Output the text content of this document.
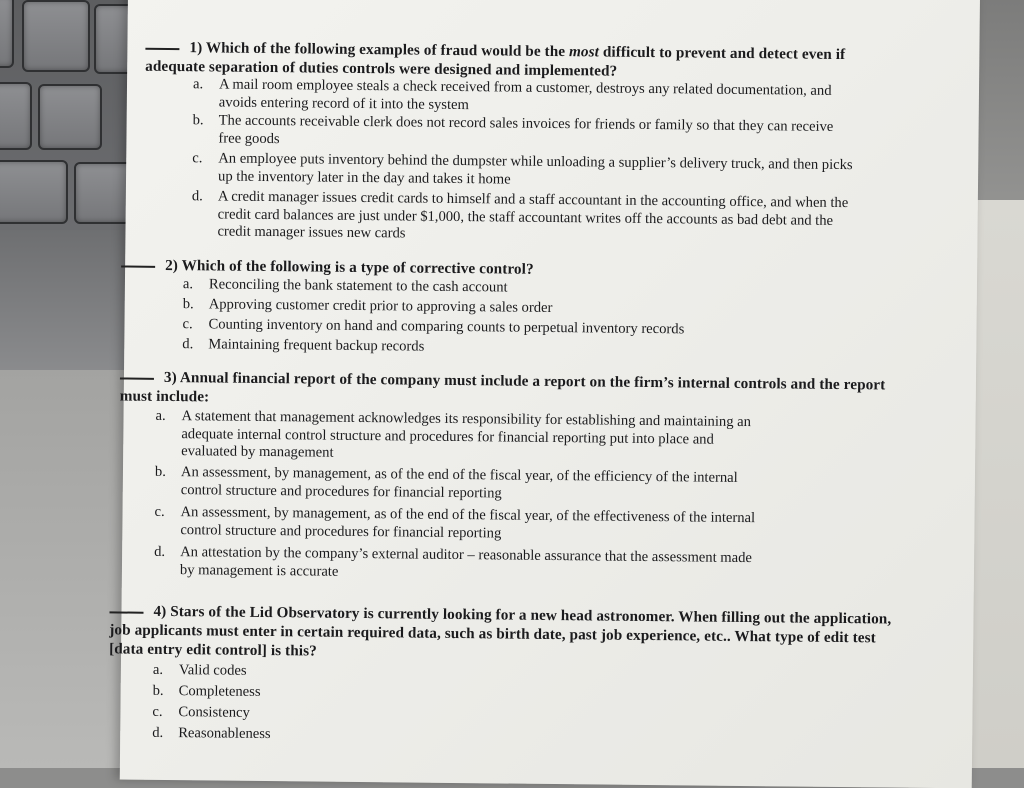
1) Which of the following examples of fraud would be the most difficult to prevent and detect even if adequate separation of duties controls were designed and implemented?
a.	A mail room employee steals a check received from a customer, destroys any related documentation, and avoids entering record of it into the system
b.	The accounts receivable clerk does not record sales invoices for friends or family so that they can receive free goods
c.	An employee puts inventory behind the dumpster while unloading a supplier’s delivery truck, and then picks up the inventory later in the day and takes it home
d.	A credit manager issues credit cards to himself and a staff accountant in the accounting office, and when the credit card balances are just under $1,000, the staff accountant writes off the accounts as bad debt and the credit manager issues new cards
2) Which of the following is a type of corrective control?
a.	Reconciling the bank statement to the cash account
b.	Approving customer credit prior to approving a sales order
c.	Counting inventory on hand and comparing counts to perpetual inventory records
d.	Maintaining frequent backup records
3) Annual financial report of the company must include a report on the firm’s internal controls and the report must include:
a.	A statement that management acknowledges its responsibility for establishing and maintaining an adequate internal control structure and procedures for financial reporting put into place and evaluated by management
b.	An assessment, by management, as of the end of the fiscal year, of the efficiency of the internal control structure and procedures for financial reporting
c.	An assessment, by management, as of the end of the fiscal year, of the effectiveness of the internal control structure and procedures for financial reporting
d.	An attestation by the company’s external auditor – reasonable assurance that the assessment made by management is accurate
4) Stars of the Lid Observatory is currently looking for a new head astronomer. When filling out the application, job applicants must enter in certain required data, such as birth date, past job experience, etc.. What type of edit test [data entry edit control] is this?
a.	Valid codes
b.	Completeness
c.	Consistency
d.	Reasonableness
